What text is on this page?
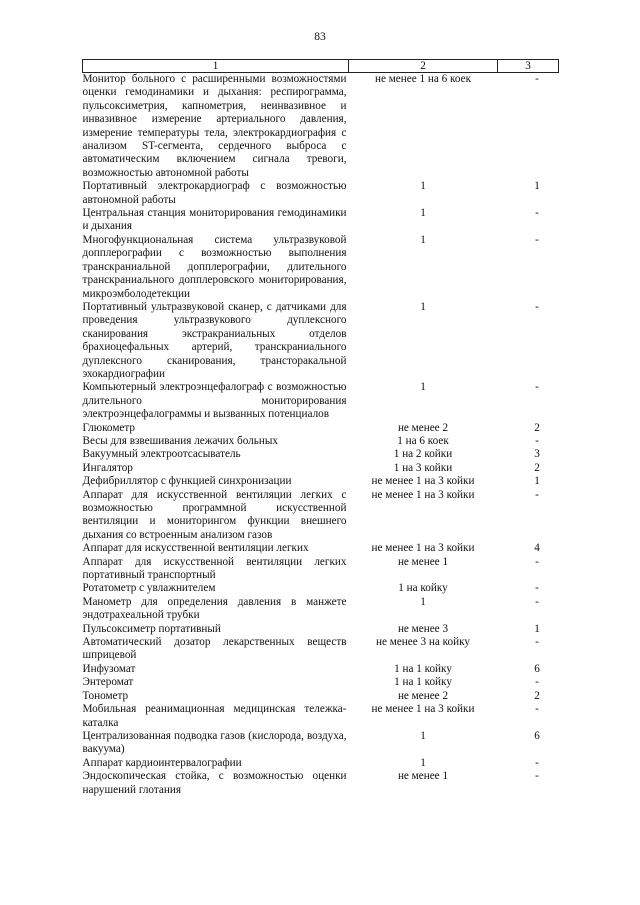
83
1	2	3
Монитор больного с расширенными возможностями оценки гемодинамики и дыхания: респирограмма, пульсоксиметрия, капнометрия, неинвазивное и инвазивное измерение артериального давления, измерение температуры тела, электрокардиография с анализом ST-сегмента, сердечного выброса с автоматическим включением сигнала тревоги, возможностью автономной работы	не менее 1 на 6 коек	-
Портативный электрокардиограф с возможностью автономной работы	1	1
Центральная станция мониторирования гемодинамики и дыхания	1	-
Многофункциональная система ультразвуковой допплерографии с возможностью выполнения транскраниальной допплерографии, длительного транскраниального допплеровского мониторирования, микроэмболодетекции	1	-
Портативный ультразвуковой сканер, с датчиками для проведения ультразвукового дуплексного сканирования экстракраниальных отделов брахиоцефальных артерий, транскраниального дуплексного сканирования, трансторакальной эхокардиографии	1	-
Компьютерный электроэнцефалограф с возможностью длительного мониторирования электроэнцефалограммы и вызванных потенциалов	1	-
Глюкометр	не менее 2	2
Весы для взвешивания лежачих больных	1 на 6 коек	-
Вакуумный электроотсасыватель	1 на 2 койки	3
Ингалятор	1 на 3 койки	2
Дефибриллятор с функцией синхронизации	не менее 1 на 3 койки	1
Аппарат для искусственной вентиляции легких с возможностью программной искусственной вентиляции и мониторингом функции внешнего дыхания со встроенным анализом газов	не менее 1 на 3 койки	-
Аппарат для искусственной вентиляции легких	не менее 1 на 3 койки	4
Аппарат для искусственной вентиляции легких портативный транспортный	не менее 1	-
Ротатометр с увлажнителем	1 на койку	-
Манометр для определения давления в манжете эндотрахеальной трубки	1	-
Пульсоксиметр портативный	не менее 3	1
Автоматический дозатор лекарственных веществ шприцевой	не менее 3 на койку	-
Инфузомат	1 на 1 койку	6
Энтеромат	1 на 1 койку	-
Тонометр	не менее 2	2
Мобильная реанимационная медицинская тележка-каталка	не менее 1 на 3 койки	-
Централизованная подводка газов (кислорода, воздуха, вакуума)	1	6
Аппарат кардиоинтервалографии	1	-
Эндоскопическая стойка, с возможностью оценки нарушений глотания	не менее 1	-
